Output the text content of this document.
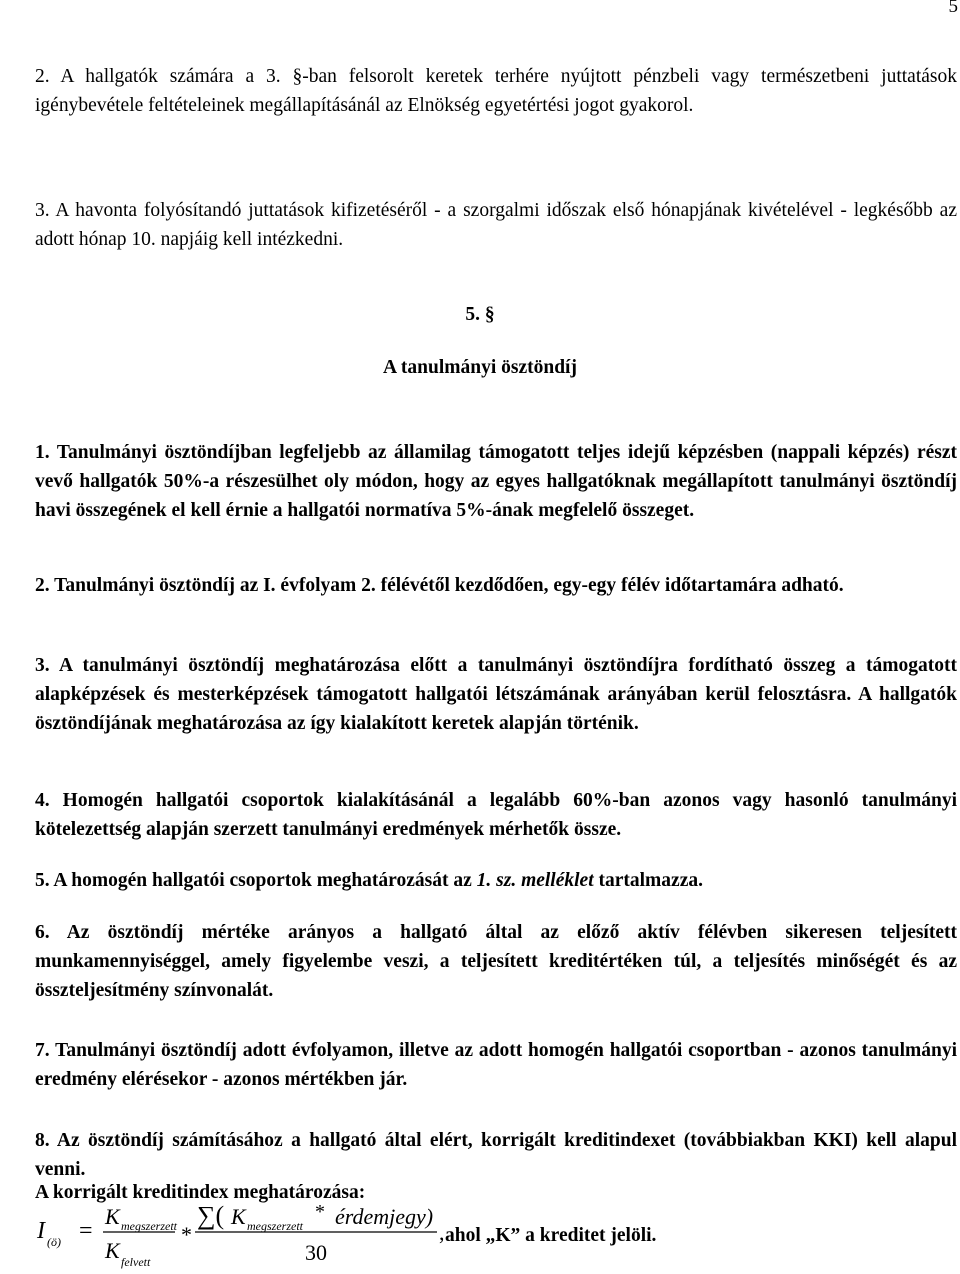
5

2. A hallgatók számára a 3. §-ban felsorolt keretek terhére nyújtott pénzbeli vagy természetbeni juttatások igénybevétele feltételeinek megállapításánál az Elnökség egyetértési jogot gyakorol.

3. A havonta folyósítandó juttatások kifizetéséről - a szorgalmi időszak első hónapjának kivételével - legkésőbb az adott hónap 10. napjáig kell intézkedni.

5. §

A tanulmányi ösztöndíj

1. Tanulmányi ösztöndíjban legfeljebb az államilag támogatott teljes idejű képzésben (nappali képzés) részt vevő hallgatók 50%-a részesülhet oly módon, hogy az egyes hallgatóknak megállapított tanulmányi ösztöndíj havi összegének el kell érnie a hallgatói normatíva 5%-ának megfelelő összeget.

2. Tanulmányi ösztöndíj az I. évfolyam 2. félévétől kezdődően, egy-egy félév időtartamára adható.

3. A tanulmányi ösztöndíj meghatározása előtt a tanulmányi ösztöndíjra fordítható összeg a támogatott alapképzések és mesterképzések támogatott hallgatói létszámának arányában kerül felosztásra. A hallgatók ösztöndíjának meghatározása az így kialakított keretek alapján történik.

4. Homogén hallgatói csoportok kialakításánál a legalább 60%-ban azonos vagy hasonló tanulmányi kötelezettség alapján szerzett tanulmányi eredmények mérhetők össze.

5. A homogén hallgatói csoportok meghatározását az 1. sz. melléklet tartalmazza.

6. Az ösztöndíj mértéke arányos a hallgató által az előző aktív félévben sikeresen teljesített munkamennyiséggel, amely figyelembe veszi, a teljesített kreditértéken túl, a teljesítés minőségét és az összteljesítmény színvonalát.

7. Tanulmányi ösztöndíj adott évfolyamon, illetve az adott homogén hallgatói csoportban - azonos tanulmányi eredmény elérésekor - azonos mértékben jár.

8. Az ösztöndíj számításához a hallgató által elért, korrigált kreditindexet (továbbiakban KKI) kell alapul venni.

A korrigált kreditindex meghatározása:

I (ö) =
K megszerzett
K felvett
*
∑( K megszerzett
* érdemjegy)
30
, ahol „K” a kreditet jelöli.
